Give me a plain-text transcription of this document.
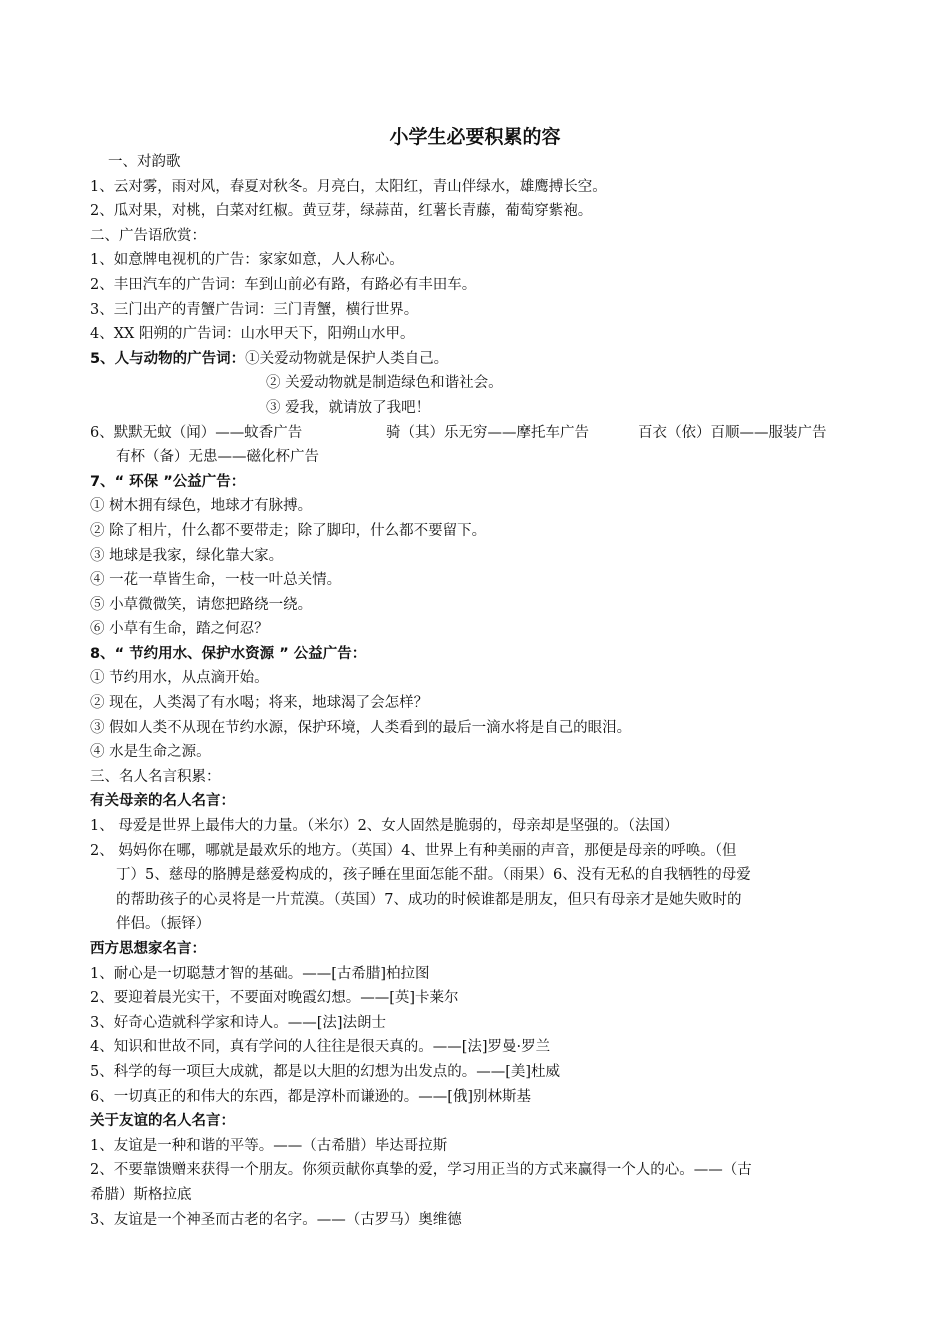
小学生必要积累的容
一、对韵歌
1、云对雾，雨对风，春夏对秋冬。月亮白，太阳红，青山伴绿水，雄鹰搏长空。
2、瓜对果，对桃，白菜对红椒。黄豆芽，绿蒜苗，红薯长青藤，葡萄穿紫袍。
二、广告语欣赏：
1、如意牌电视机的广告：家家如意，人人称心。
2、丰田汽车的广告词：车到山前必有路，有路必有丰田车。
3、三门出产的青蟹广告词：三门青蟹，横行世界。
4、XX 阳朔的广告词：山水甲天下，阳朔山水甲。
5、人与动物的广告词：①关爱动物就是保护人类自己。
② 关爱动物就是制造绿色和谐社会。
③ 爱我，就请放了我吧！
6、默默无蚊（闻）——蚊香广告	骑（其）乐无穷——摩托车广告	百衣（依）百顺——服装广告
有杯（备）无患——磁化杯广告
7、“ 环保 ”公益广告：
① 树木拥有绿色，地球才有脉搏。
② 除了相片，什么都不要带走；除了脚印，什么都不要留下。
③ 地球是我家，绿化靠大家。
④ 一花一草皆生命，一枝一叶总关情。
⑤ 小草微微笑，请您把路绕一绕。
⑥ 小草有生命，踏之何忍？
8、“ 节约用水、保护水资源 ” 公益广告：
① 节约用水，从点滴开始。
② 现在，人类渴了有水喝；将来，地球渴了会怎样？
③ 假如人类不从现在节约水源，保护环境，人类看到的最后一滴水将是自己的眼泪。
④ 水是生命之源。
三、名人名言积累：
有关母亲的名人名言：
1、 母爱是世界上最伟大的力量。（米尔）2、女人固然是脆弱的，母亲却是坚强的。（法国）
2、 妈妈你在哪，哪就是最欢乐的地方。（英国）4、世界上有种美丽的声音，那便是母亲的呼唤。（但
丁）5、慈母的胳膊是慈爱构成的，孩子睡在里面怎能不甜。（雨果）6、没有无私的自我牺牲的母爱
的帮助孩子的心灵将是一片荒漠。（英国）7、成功的时候谁都是朋友，但只有母亲才是她失败时的
伴侣。（振铎）
西方思想家名言：
1、耐心是一切聪慧才智的基础。——[古希腊]柏拉图
2、要迎着晨光实干，不要面对晚霞幻想。——[英]卡莱尔
3、好奇心造就科学家和诗人。——[法]法朗士
4、知识和世故不同，真有学问的人往往是很天真的。——[法]罗曼·罗兰
5、科学的每一项巨大成就，都是以大胆的幻想为出发点的。——[美]杜威
6、一切真正的和伟大的东西，都是淳朴而谦逊的。——[俄]别林斯基
关于友谊的名人名言：
1、友谊是一种和谐的平等。——（古希腊）毕达哥拉斯
2、不要靠馈赠来获得一个朋友。你须贡献你真挚的爱，学习用正当的方式来赢得一个人的心。——（古
希腊）斯格拉底
3、友谊是一个神圣而古老的名字。——（古罗马）奥维德
